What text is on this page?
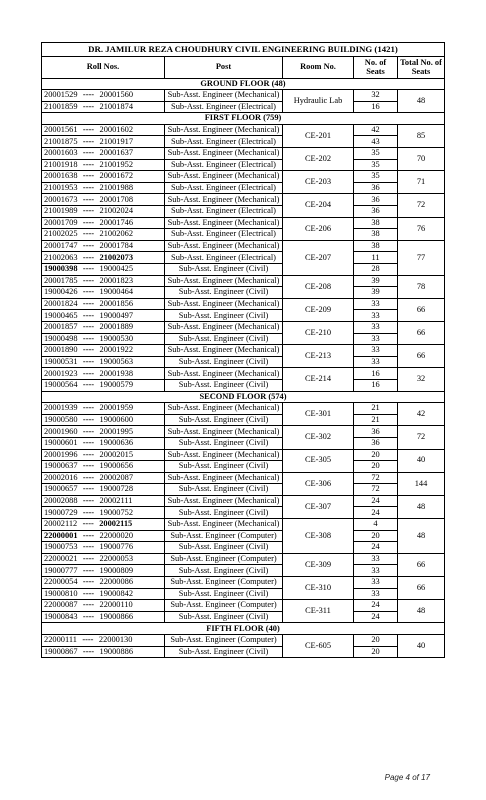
DR. JAMILUR REZA CHOUDHURY CIVIL ENGINEERING BUILDING (1421)				
Roll Nos.	Post	Room No.	No. of Seats	Total No. of Seats
GROUND FLOOR (48)				
20001529 ---- 20001560	Sub-Asst. Engineer (Mechanical)	Hydraulic Lab	32	48
21001859 ---- 21001874	Sub-Asst. Engineer (Electrical)		16	
FIRST FLOOR (759)				
20001561 ---- 20001602	Sub-Asst. Engineer (Mechanical)	CE-201	42	85
21001875 ---- 21001917	Sub-Asst. Engineer (Electrical)		43	
20001603 ---- 20001637	Sub-Asst. Engineer (Mechanical)	CE-202	35	70
21001918 ---- 21001952	Sub-Asst. Engineer (Electrical)		35	
20001638 ---- 20001672	Sub-Asst. Engineer (Mechanical)	CE-203	35	71
21001953 ---- 21001988	Sub-Asst. Engineer (Electrical)		36	
20001673 ---- 20001708	Sub-Asst. Engineer (Mechanical)	CE-204	36	72
21001989 ---- 21002024	Sub-Asst. Engineer (Electrical)		36	
20001709 ---- 20001746	Sub-Asst. Engineer (Mechanical)	CE-206	38	76
21002025 ---- 21002062	Sub-Asst. Engineer (Electrical)		38	
20001747 ---- 20001784	Sub-Asst. Engineer (Mechanical)	CE-207	38	77
21002063 ---- 21002073	Sub-Asst. Engineer (Electrical)		11	
19000398 ---- 19000425	Sub-Asst. Engineer (Civil)		28	
20001785 ---- 20001823	Sub-Asst. Engineer (Mechanical)	CE-208	39	78
19000426 ---- 19000464	Sub-Asst. Engineer (Civil)		39	
20001824 ---- 20001856	Sub-Asst. Engineer (Mechanical)	CE-209	33	66
19000465 ---- 19000497	Sub-Asst. Engineer (Civil)		33	
20001857 ---- 20001889	Sub-Asst. Engineer (Mechanical)	CE-210	33	66
19000498 ---- 19000530	Sub-Asst. Engineer (Civil)		33	
20001890 ---- 20001922	Sub-Asst. Engineer (Mechanical)	CE-213	33	66
19000531 ---- 19000563	Sub-Asst. Engineer (Civil)		33	
20001923 ---- 20001938	Sub-Asst. Engineer (Mechanical)	CE-214	16	32
19000564 ---- 19000579	Sub-Asst. Engineer (Civil)		16	
SECOND FLOOR (574)				
20001939 ---- 20001959	Sub-Asst. Engineer (Mechanical)	CE-301	21	42
19000580 ---- 19000600	Sub-Asst. Engineer (Civil)		21	
20001960 ---- 20001995	Sub-Asst. Engineer (Mechanical)	CE-302	36	72
19000601 ---- 19000636	Sub-Asst. Engineer (Civil)		36	
20001996 ---- 20002015	Sub-Asst. Engineer (Mechanical)	CE-305	20	40
19000637 ---- 19000656	Sub-Asst. Engineer (Civil)		20	
20002016 ---- 20002087	Sub-Asst. Engineer (Mechanical)	CE-306	72	144
19000657 ---- 19000728	Sub-Asst. Engineer (Civil)		72	
20002088 ---- 20002111	Sub-Asst. Engineer (Mechanical)	CE-307	24	48
19000729 ---- 19000752	Sub-Asst. Engineer (Civil)		24	
20002112 ---- 20002115	Sub-Asst. Engineer (Mechanical)	CE-308	4	48
22000001 ---- 22000020	Sub-Asst. Engineer (Computer)		20	
19000753 ---- 19000776	Sub-Asst. Engineer (Civil)		24	
22000021 ---- 22000053	Sub-Asst. Engineer (Computer)	CE-309	33	66
19000777 ---- 19000809	Sub-Asst. Engineer (Civil)		33	
22000054 ---- 22000086	Sub-Asst. Engineer (Computer)	CE-310	33	66
19000810 ---- 19000842	Sub-Asst. Engineer (Civil)		33	
22000087 ---- 22000110	Sub-Asst. Engineer (Computer)	CE-311	24	48
19000843 ---- 19000866	Sub-Asst. Engineer (Civil)		24	
FIFTH FLOOR (40)				
22000111 ---- 22000130	Sub-Asst. Engineer (Computer)	CE-605	20	40
19000867 ---- 19000886	Sub-Asst. Engineer (Civil)		20	
Page 4 of 17
